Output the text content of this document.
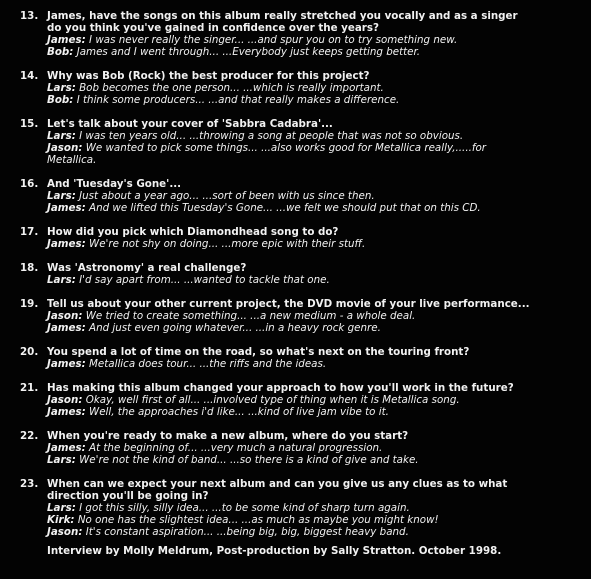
13. James, have the songs on this album really stretched you vocally and as a singer
do you think you've gained in confidence over the years?

James: I was never really the singer... ...and spur you on to try something new.

Bob: James and I went through... ...Everybody just keeps getting better.

14. Why was Bob (Rock) the best producer for this project?

Lars: Bob becomes the one person... ...which is really important.

Bob: I think some producers... ...and that really makes a difference.

15. Let's talk about your cover of 'Sabbra Cadabra'...

Lars: I was ten years old... ...throwing a song at people that was not so obvious.

Jason: We wanted to pick some things... ...also works good for Metallica really,.....for
Metallica.

16. And 'Tuesday's Gone'...

Lars: Just about a year ago... ...sort of been with us since then.

James: And we lifted this Tuesday's Gone... ...we felt we should put that on this CD.

17. How did you pick which Diamondhead song to do?

James: We're not shy on doing... ...more epic with their stuff.

18. Was 'Astronomy' a real challenge?

Lars: I'd say apart from... ...wanted to tackle that one.

19. Tell us about your other current project, the DVD movie of your live performance...

Jason: We tried to create something... ...a new medium - a whole deal.

James: And just even going whatever... ...in a heavy rock genre.

20. You spend a lot of time on the road, so what's next on the touring front?

James: Metallica does tour... ...the riffs and the ideas.

21. Has making this album changed your approach to how you'll work in the future?

Jason: Okay, well first of all... ...involved type of thing when it is Metallica song.

James: Well, the approaches i'd like... ...kind of live jam vibe to it.

22. When you're ready to make a new album, where do you start?

James: At the beginning of... ...very much a natural progression.

Lars: We're not the kind of band... ...so there is a kind of give and take.

23. When can we expect your next album and can you give us any clues as to what
direction you'll be going in?

Lars: I got this silly, silly idea... ...to be some kind of sharp turn again.

Kirk: No one has the slightest idea... ...as much as maybe you might know!

Jason: It's constant aspiration... ...being big, big, biggest heavy band.

Interview by Molly Meldrum, Post-production by Sally Stratton. October 1998.
